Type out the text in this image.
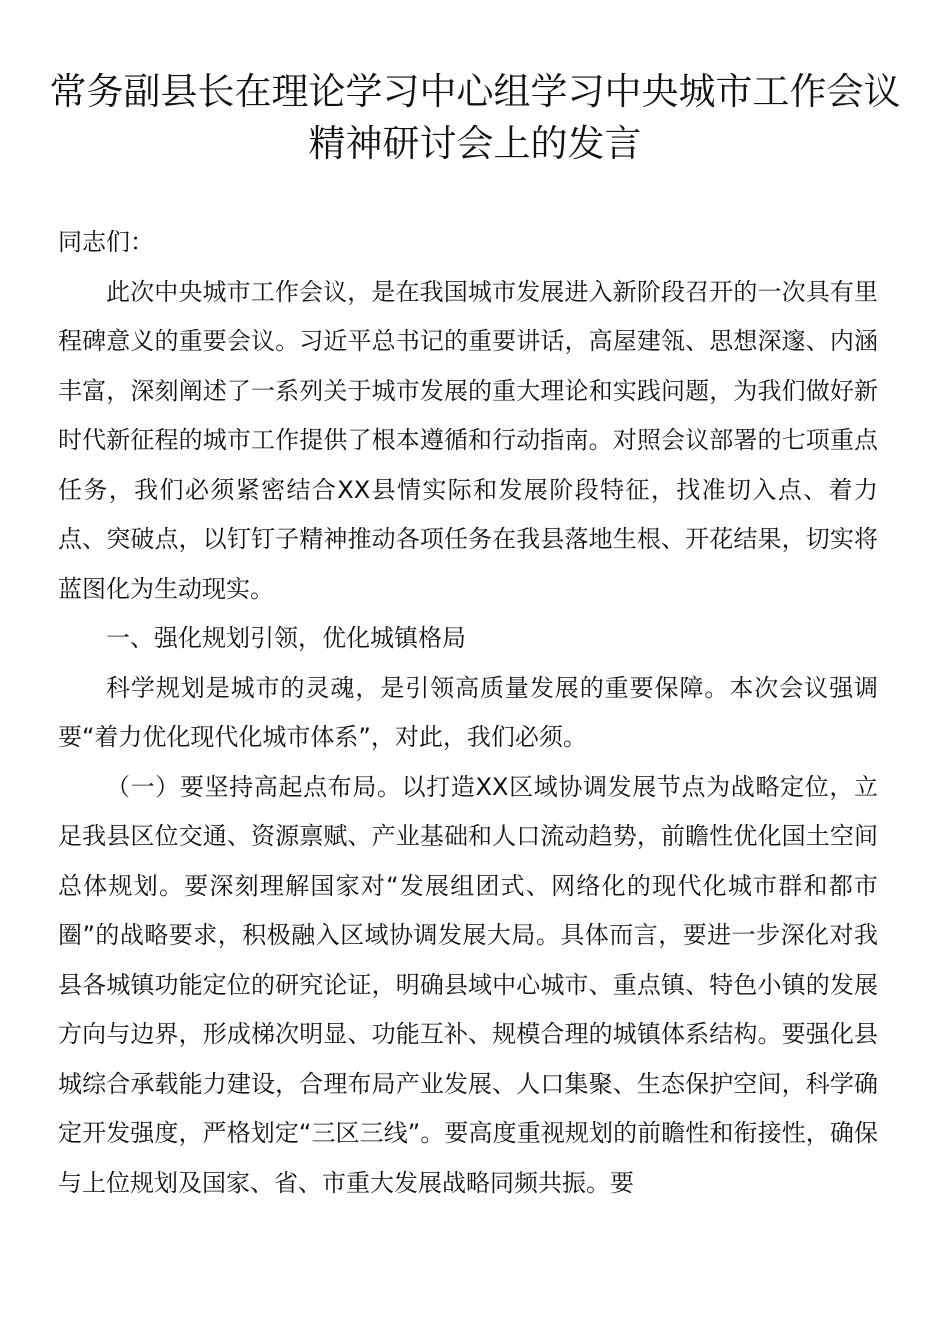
常务副县长在理论学习中心组学习中央城市工作会议
精神研讨会上的发言

同志们：

此次中央城市工作会议，是在我国城市发展进入新阶段召开的一次具有里程碑意义的重要会议。习近平总书记的重要讲话，高屋建瓴、思想深邃、内涵丰富，深刻阐述了一系列关于城市发展的重大理论和实践问题，为我们做好新时代新征程的城市工作提供了根本遵循和行动指南。对照会议部署的七项重点任务，我们必须紧密结合XX县情实际和发展阶段特征，找准切入点、着力点、突破点，以钉钉子精神推动各项任务在我县落地生根、开花结果，切实将蓝图化为生动现实。

一、强化规划引领，优化城镇格局

科学规划是城市的灵魂，是引领高质量发展的重要保障。本次会议强调要“着力优化现代化城市体系”，对此，我们必须。

（一）要坚持高起点布局。以打造XX区域协调发展节点为战略定位，立足我县区位交通、资源禀赋、产业基础和人口流动趋势，前瞻性优化国土空间总体规划。要深刻理解国家对“发展组团式、网络化的现代化城市群和都市圈”的战略要求，积极融入区域协调发展大局。具体而言，要进一步深化对我县各城镇功能定位的研究论证，明确县域中心城市、重点镇、特色小镇的发展方向与边界，形成梯次明显、功能互补、规模合理的城镇体系结构。要强化县城综合承载能力建设，合理布局产业发展、人口集聚、生态保护空间，科学确定开发强度，严格划定“三区三线”。要高度重视规划的前瞻性和衔接性，确保与上位规划及国家、省、市重大发展战略同频共振。要
